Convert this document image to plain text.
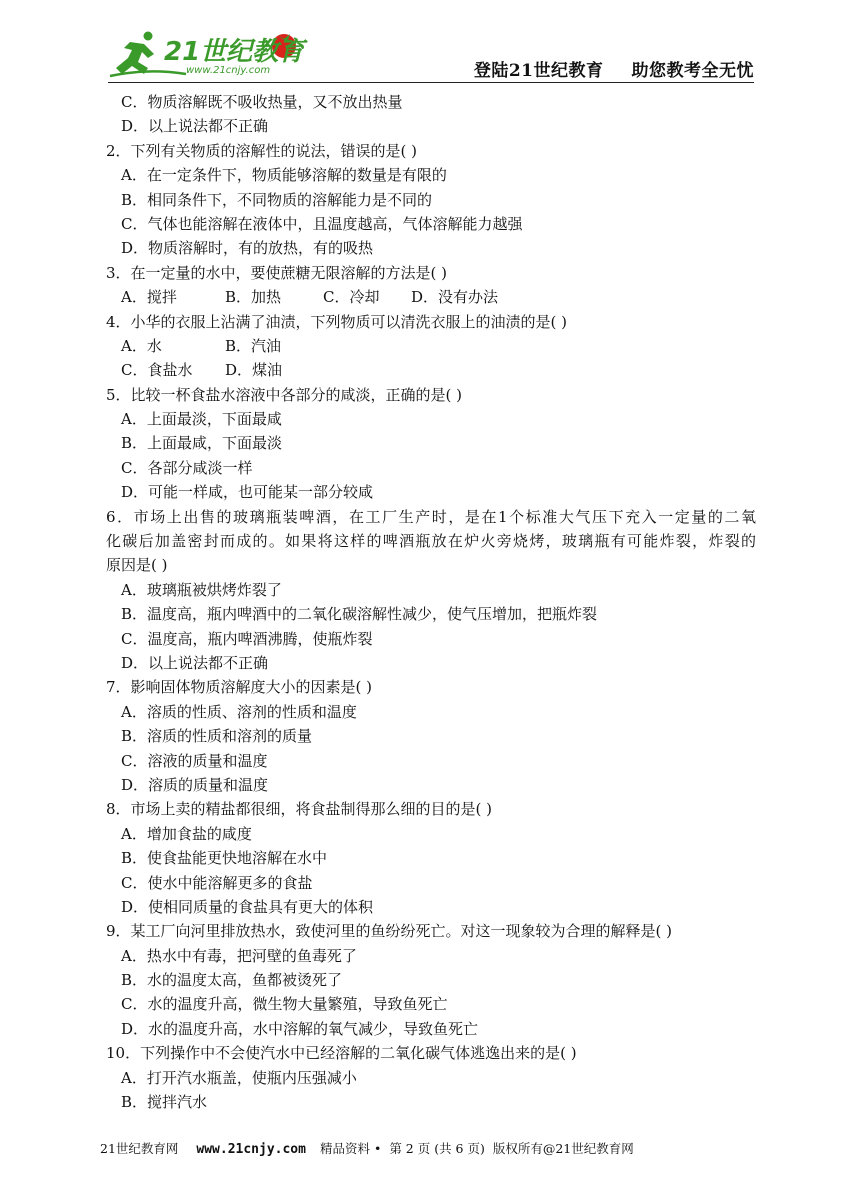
21世纪教育
www.21cnjy.com	登陆21世纪教育 助您教考全无忧
C．物质溶解既不吸收热量，又不放出热量
D．以上说法都不正确
2．下列有关物质的溶解性的说法，错误的是( )
A．在一定条件下，物质能够溶解的数量是有限的
B．相同条件下，不同物质的溶解能力是不同的
C．气体也能溶解在液体中，且温度越高，气体溶解能力越强
D．物质溶解时，有的放热，有的吸热
3．在一定量的水中，要使蔗糖无限溶解的方法是( )
A．搅拌	B．加热	C．冷却 D．没有办法
4．小华的衣服上沾满了油渍，下列物质可以清洗衣服上的油渍的是( )
A．水	B．汽油
C．食盐水 D．煤油
5．比较一杯食盐水溶液中各部分的咸淡，正确的是( )
A．上面最淡，下面最咸
B．上面最咸，下面最淡
C．各部分咸淡一样
D．可能一样咸，也可能某一部分较咸
6．市场上出售的玻璃瓶装啤酒，在工厂生产时，是在1个标准大气压下充入一定量的二氧
化碳后加盖密封而成的。如果将这样的啤酒瓶放在炉火旁烧烤，玻璃瓶有可能炸裂，炸裂的
原因是( )
A．玻璃瓶被烘烤炸裂了
B．温度高，瓶内啤酒中的二氧化碳溶解性减少，使气压增加，把瓶炸裂
C．温度高，瓶内啤酒沸腾，使瓶炸裂
D．以上说法都不正确
7．影响固体物质溶解度大小的因素是( )
A．溶质的性质、溶剂的性质和温度
B．溶质的性质和溶剂的质量
C．溶液的质量和温度
D．溶质的质量和温度
8．市场上卖的精盐都很细，将食盐制得那么细的目的是( )
A．增加食盐的咸度
B．使食盐能更快地溶解在水中
C．使水中能溶解更多的食盐
D．使相同质量的食盐具有更大的体积
9．某工厂向河里排放热水，致使河里的鱼纷纷死亡。对这一现象较为合理的解释是( )
A．热水中有毒，把河壁的鱼毒死了
B．水的温度太高，鱼都被烫死了
C．水的温度升高，微生物大量繁殖，导致鱼死亡
D．水的温度升高，水中溶解的氧气减少，导致鱼死亡
10．下列操作中不会使汽水中已经溶解的二氧化碳气体逃逸出来的是( )
A．打开汽水瓶盖，使瓶内压强减小
B．搅拌汽水
21世纪教育网 www.21cnjy.com 精品资料 • 第 2 页 (共 6 页) 版权所有@21世纪教育网
